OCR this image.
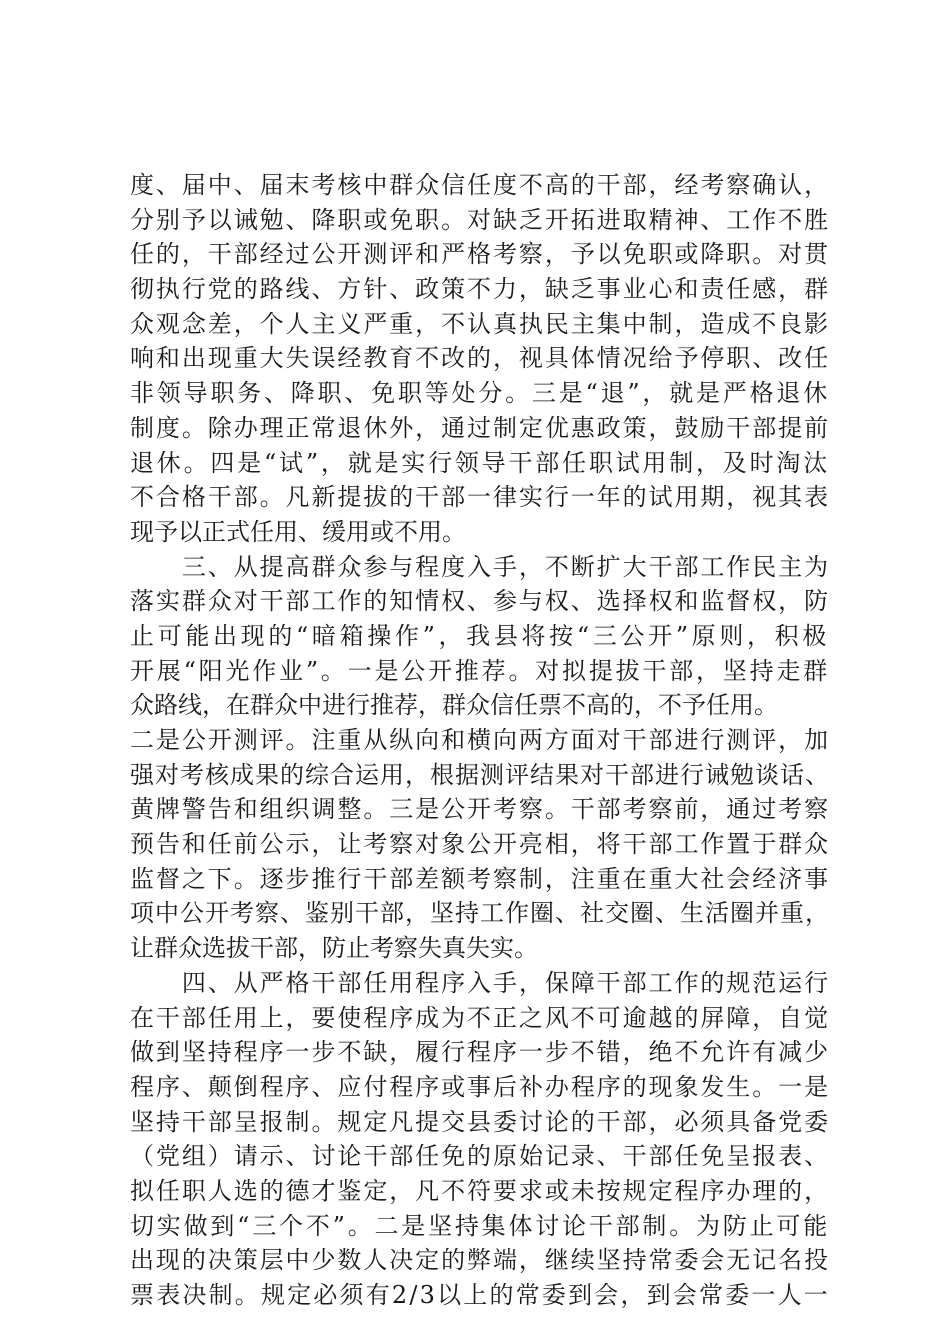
度、届中、届末考核中群众信任度不高的干部，经考察确认，
分别予以诫勉、降职或免职。对缺乏开拓进取精神、工作不胜
任的，干部经过公开测评和严格考察，予以免职或降职。对贯
彻执行党的路线、方针、政策不力，缺乏事业心和责任感，群
众观念差，个人主义严重，不认真执民主集中制，造成不良影
响和出现重大失误经教育不改的，视具体情况给予停职、改任
非领导职务、降职、免职等处分。三是“退”，就是严格退休
制度。除办理正常退休外，通过制定优惠政策，鼓励干部提前
退休。四是“试”，就是实行领导干部任职试用制，及时淘汰
不合格干部。凡新提拔的干部一律实行一年的试用期，视其表
现予以正式任用、缓用或不用。
　　三、从提高群众参与程度入手，不断扩大干部工作民主为
落实群众对干部工作的知情权、参与权、选择权和监督权，防
止可能出现的“暗箱操作”，我县将按“三公开”原则，积极
开展“阳光作业”。一是公开推荐。对拟提拔干部，坚持走群
众路线，在群众中进行推荐，群众信任票不高的，不予任用。
二是公开测评。注重从纵向和横向两方面对干部进行测评，加
强对考核成果的综合运用，根据测评结果对干部进行诫勉谈话、
黄牌警告和组织调整。三是公开考察。干部考察前，通过考察
预告和任前公示，让考察对象公开亮相，将干部工作置于群众
监督之下。逐步推行干部差额考察制，注重在重大社会经济事
项中公开考察、鉴别干部，坚持工作圈、社交圈、生活圈并重，
让群众选拔干部，防止考察失真失实。
　　四、从严格干部任用程序入手，保障干部工作的规范运行
在干部任用上，要使程序成为不正之风不可逾越的屏障，自觉
做到坚持程序一步不缺，履行程序一步不错，绝不允许有减少
程序、颠倒程序、应付程序或事后补办程序的现象发生。一是
坚持干部呈报制。规定凡提交县委讨论的干部，必须具备党委
（党组）请示、讨论干部任免的原始记录、干部任免呈报表、
拟任职人选的德才鉴定，凡不符要求或未按规定程序办理的，
切实做到“三个不”。二是坚持集体讨论干部制。为防止可能
出现的决策层中少数人决定的弊端，继续坚持常委会无记名投
票表决制。规定必须有2/3以上的常委到会，到会常委一人一
